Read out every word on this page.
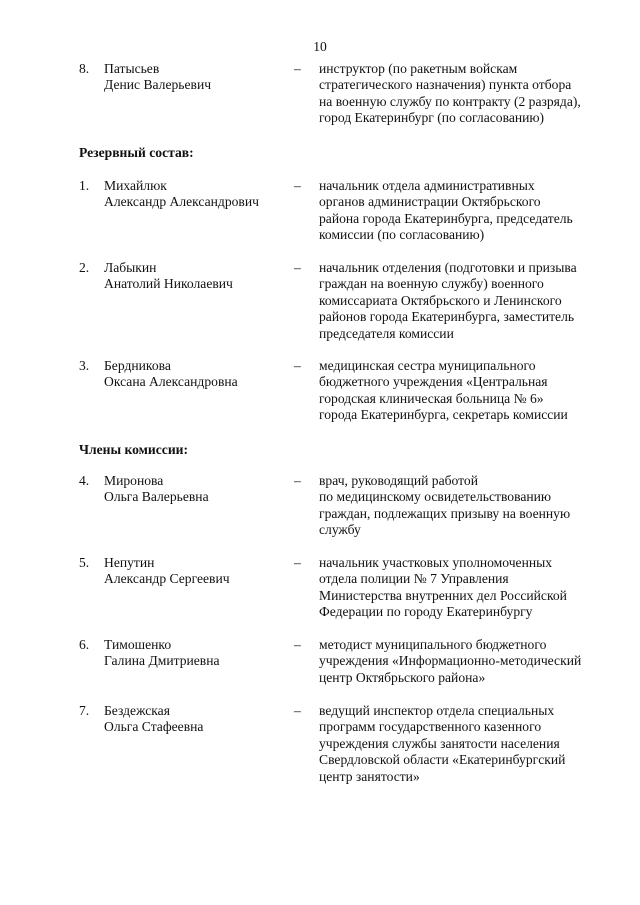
10
8. Патысьев
Денис Валерьевич
– инструктор (по ракетным войскам
стратегического назначения) пункта отбора
на военную службу по контракту (2 разряда),
город Екатеринбург (по согласованию)
Резервный состав:
1. Михайлюк
Александр Александрович
– начальник отдела административных
органов администрации Октябрьского
района города Екатеринбурга, председатель
комиссии (по согласованию)
2. Лабыкин
Анатолий Николаевич
– начальник отделения (подготовки и призыва
граждан на военную службу) военного
комиссариата Октябрьского и Ленинского
районов города Екатеринбурга, заместитель
председателя комиссии
3. Бердникова
Оксана Александровна
– медицинская сестра муниципального
бюджетного учреждения «Центральная
городская клиническая больница № 6»
города Екатеринбурга, секретарь комиссии
Члены комиссии:
4. Миронова
Ольга Валерьевна
– врач, руководящий работой
по медицинскому освидетельствованию
граждан, подлежащих призыву на военную
службу
5. Непутин
Александр Сергеевич
– начальник участковых уполномоченных
отдела полиции № 7 Управления
Министерства внутренних дел Российской
Федерации по городу Екатеринбургу
6. Тимошенко
Галина Дмитриевна
– методист муниципального бюджетного
учреждения «Информационно-методический
центр Октябрьского района»
7. Бездежская
Ольга Стафеевна
– ведущий инспектор отдела специальных
программ государственного казенного
учреждения службы занятости населения
Свердловской области «Екатеринбургский
центр занятости»
